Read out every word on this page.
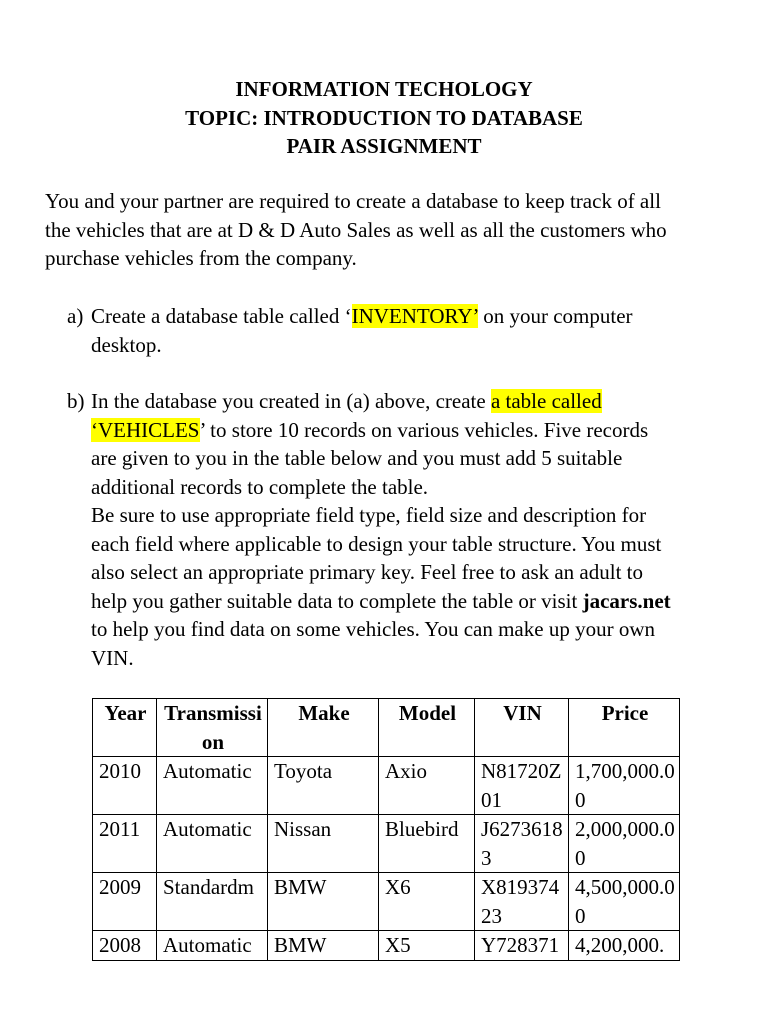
INFORMATION TECHOLOGY
TOPIC: INTRODUCTION TO DATABASE
PAIR ASSIGNMENT
You and your partner are required to create a database to keep track of all
the vehicles that are at D & D Auto Sales as well as all the customers who
purchase vehicles from the company.
a) Create a database table called ‘INVENTORY’ on your computer
desktop.
b) In the database you created in (a) above, create a table called
‘VEHICLES’ to store 10 records on various vehicles. Five records
are given to you in the table below and you must add 5 suitable
additional records to complete the table.
Be sure to use appropriate field type, field size and description for
each field where applicable to design your table structure. You must
also select an appropriate primary key. Feel free to ask an adult to
help you gather suitable data to complete the table or visit jacars.net
to help you find data on some vehicles. You can make up your own
VIN.
Year	Transmission	Make	Model	VIN	Price
2010	Automatic	Toyota	Axio	N81720Z01	1,700,000.00
2011	Automatic	Nissan	Bluebird	J62736183	2,000,000.00
2009	Standardm	BMW	X6	X81937423	4,500,000.00
2008	Automatic	BMW	X5	Y728371	4,200,000.
